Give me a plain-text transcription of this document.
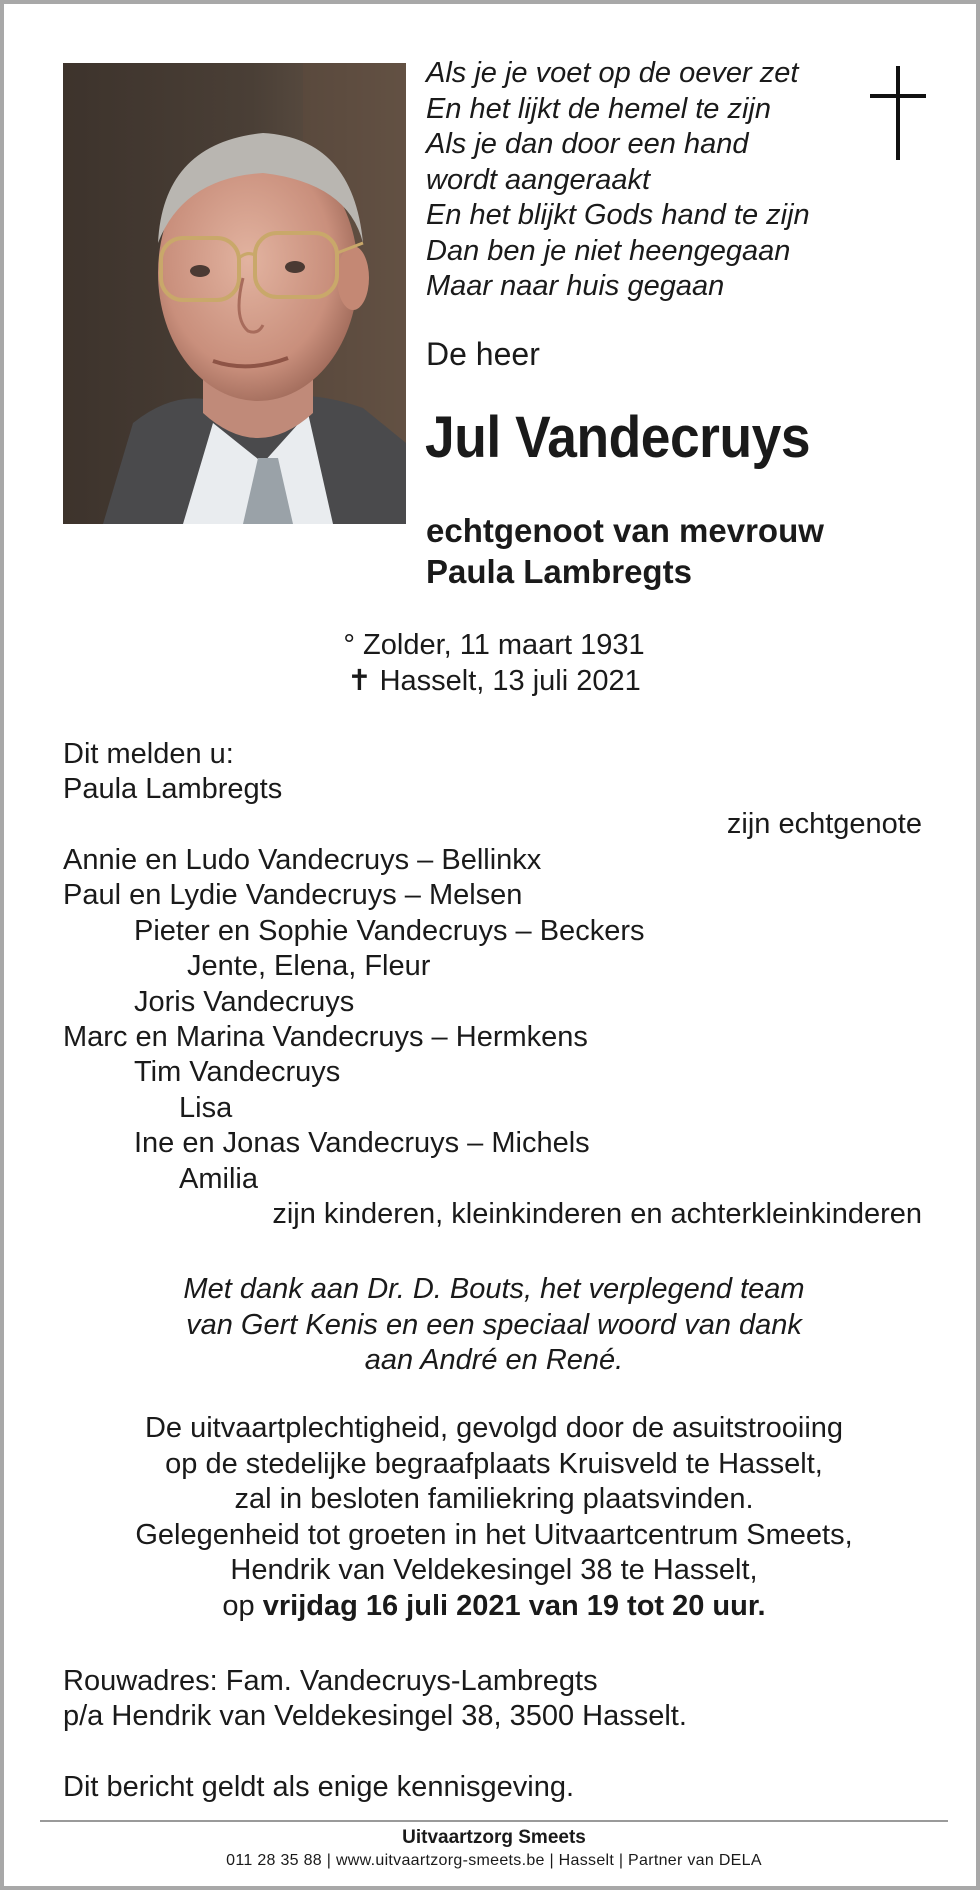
Als je je voet op de oever zet
En het lijkt de hemel te zijn
Als je dan door een hand
wordt aangeraakt
En het blijkt Gods hand te zijn
Dan ben je niet heengegaan
Maar naar huis gegaan
De heer
Jul Vandecruys
echtgenoot van mevrouw
Paula Lambregts
° Zolder, 11 maart 1931
✝ Hasselt, 13 juli 2021
Dit melden u:
Paula Lambregts
zijn echtgenote
Annie en Ludo Vandecruys – Bellinkx
Paul en Lydie Vandecruys – Melsen
Pieter en Sophie Vandecruys – Beckers
Jente, Elena, Fleur
Joris Vandecruys
Marc en Marina Vandecruys – Hermkens
Tim Vandecruys
Lisa
Ine en Jonas Vandecruys – Michels
Amilia
zijn kinderen, kleinkinderen en achterkleinkinderen
Met dank aan Dr. D. Bouts, het verplegend team
van Gert Kenis en een speciaal woord van dank
aan André en René.
De uitvaartplechtigheid, gevolgd door de asuitstrooiing
op de stedelijke begraafplaats Kruisveld te Hasselt,
zal in besloten familiekring plaatsvinden.
Gelegenheid tot groeten in het Uitvaartcentrum Smeets,
Hendrik van Veldekesingel 38 te Hasselt,
op vrijdag 16 juli 2021 van 19 tot 20 uur.
Rouwadres: Fam. Vandecruys-Lambregts
p/a Hendrik van Veldekesingel 38, 3500 Hasselt.
Dit bericht geldt als enige kennisgeving.
Uitvaartzorg Smeets
011 28 35 88 | www.uitvaartzorg-smeets.be | Hasselt | Partner van DELA
